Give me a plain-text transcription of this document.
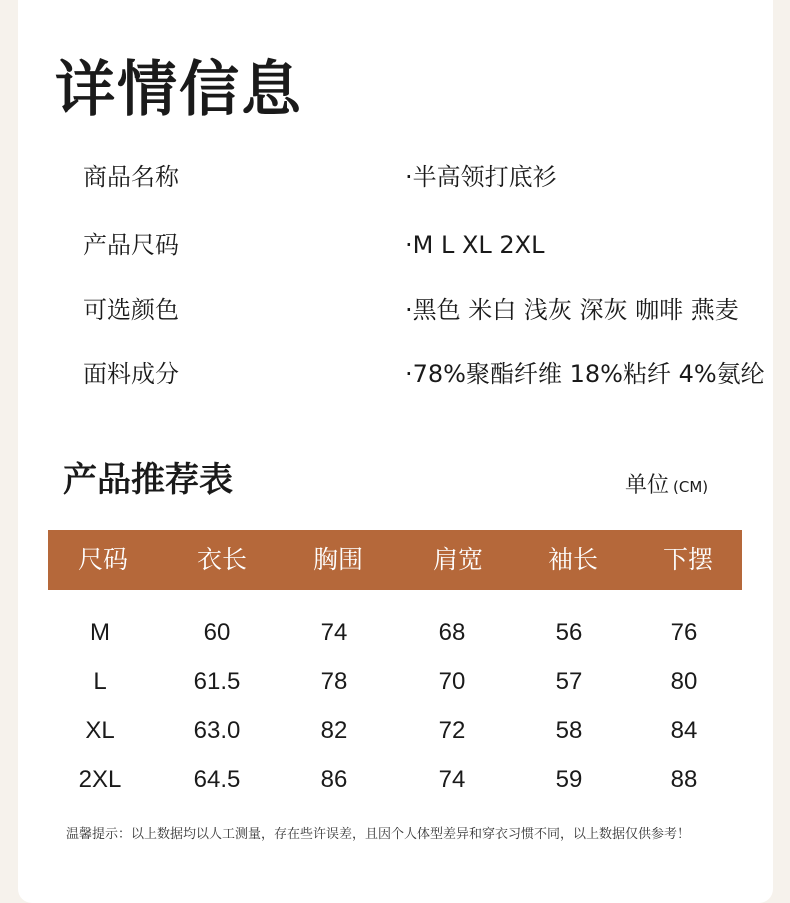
详情信息
商品名称	·半高领打底衫
产品尺码	·M L XL 2XL
可选颜色	·黑色 米白 浅灰 深灰 咖啡 燕麦
面料成分	·78%聚酯纤维 18%粘纤 4%氨纶
产品推荐表	单位 (CM)
尺码	衣长	胸围	肩宽	袖长	下摆
M	60	74	68	56	76
L	61.5	78	70	57	80
XL	63.0	82	72	58	84
2XL	64.5	86	74	59	88
温馨提示：以上数据均以人工测量，存在些许误差，且因个人体型差异和穿衣习惯不同，以上数据仅供参考！
